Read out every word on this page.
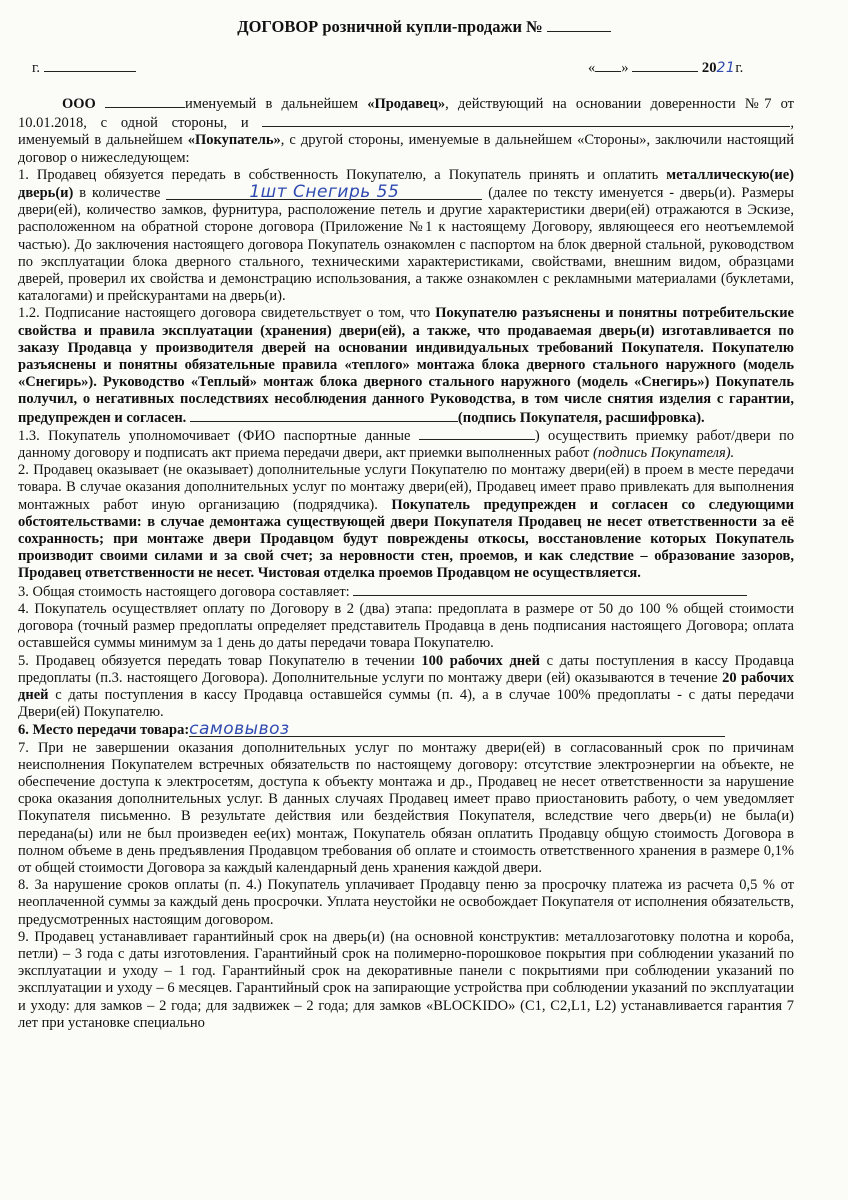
ДОГОВОР розничной купли-продажи №
г.	« »	2021г.

ООО	именуемый в дальнейшем «Продавец», действующий на основании доверенности №7 от 10.01.2018, с одной стороны, и	, именуемый в дальнейшем «Покупатель», с другой стороны, именуемые в дальнейшем «Стороны», заключили настоящий договор о нижеследующем:

1. Продавец обязуется передать в собственность Покупателю, а Покупатель принять и оплатить металлическую(ие) дверь(и) в количестве	1шт Снегирь 55	(далее по тексту именуется - дверь(и). Размеры двери(ей), количество замков, фурнитура, расположение петель и другие характеристики двери(ей) отражаются в Эскизе, расположенном на обратной стороне договора (Приложение №1 к настоящему Договору, являющееся его неотъемлемой частью). До заключения настоящего договора Покупатель ознакомлен с паспортом на блок дверной стальной, руководством по эксплуатации блока дверного стального, техническими характеристиками, свойствами, внешним видом, образцами дверей, проверил их свойства и демонстрацию использования, а также ознакомлен с рекламными материалами (буклетами, каталогами) и прейскурантами на дверь(и).

1.2. Подписание настоящего договора свидетельствует о том, что Покупателю разъяснены и понятны потребительские свойства и правила эксплуатации (хранения) двери(ей), а также, что продаваемая дверь(и) изготавливается по заказу Продавца у производителя дверей на основании индивидуальных требований Покупателя. Покупателю разъяснены и понятны обязательные правила «теплого» монтажа блока дверного стального наружного (модель «Снегирь»). Руководство «Теплый» монтаж блока дверного стального наружного (модель «Снегирь») Покупатель получил, о негативных последствиях несоблюдения данного Руководства, в том числе снятия изделия с гарантии, предупрежден и согласен.	(подпись Покупателя, расшифровка).

1.3. Покупатель уполномочивает (ФИО паспортные данные	) осуществить приемку работ/двери по данному договору и подписать акт приема передачи двери, акт приемки выполненных работ (подпись Покупателя).

2. Продавец оказывает (не оказывает) дополнительные услуги Покупателю по монтажу двери(ей) в проем в месте передачи товара. В случае оказания дополнительных услуг по монтажу двери(ей), Продавец имеет право привлекать для выполнения монтажных работ иную организацию (подрядчика). Покупатель предупрежден и согласен со следующими обстоятельствами: в случае демонтажа существующей двери Покупателя Продавец не несет ответственности за её сохранность; при монтаже двери Продавцом будут повреждены откосы, восстановление которых Покупатель производит своими силами и за свой счет; за неровности стен, проемов, и как следствие – образование зазоров, Продавец ответственности не несет. Чистовая отделка проемов Продавцом не осуществляется.

3. Общая стоимость настоящего договора составляет:

4. Покупатель осуществляет оплату по Договору в 2 (два) этапа: предоплата в размере от 50 до 100 % общей стоимости договора (точный размер предоплаты определяет представитель Продавца в день подписания настоящего Договора; оплата оставшейся суммы минимум за 1 день до даты передачи товара Покупателю.

5. Продавец обязуется передать товар Покупателю в течении 100 рабочих дней с даты поступления в кассу Продавца предоплаты (п.3. настоящего Договора). Дополнительные услуги по монтажу двери (ей) оказываются в течение 20 рабочих дней с даты поступления в кассу Продавца оставшейся суммы (п. 4), а в случае 100% предоплаты - с даты передачи Двери(ей) Покупателю.

6. Место передачи товара:самовывоз

7. При не завершении оказания дополнительных услуг по монтажу двери(ей) в согласованный срок по причинам неисполнения Покупателем встречных обязательств по настоящему договору: отсутствие электроэнергии на объекте, не обеспечение доступа к электросетям, доступа к объекту монтажа и др., Продавец не несет ответственности за нарушение срока оказания дополнительных услуг. В данных случаях Продавец имеет право приостановить работу, о чем уведомляет Покупателя письменно. В результате действия или бездействия Покупателя, вследствие чего дверь(и) не была(и) передана(ы) или не был произведен ее(их) монтаж, Покупатель обязан оплатить Продавцу общую стоимость Договора в полном объеме в день предъявления Продавцом требования об оплате и стоимость ответственного хранения в размере 0,1% от общей стоимости Договора за каждый календарный день хранения каждой двери.

8. За нарушение сроков оплаты (п. 4.) Покупатель уплачивает Продавцу пеню за просрочку платежа из расчета 0,5 % от неоплаченной суммы за каждый день просрочки. Уплата неустойки не освобождает Покупателя от исполнения обязательств, предусмотренных настоящим договором.

9. Продавец устанавливает гарантийный срок на дверь(и) (на основной конструктив: металлозаготовку полотна и короба, петли) – 3 года с даты изготовления. Гарантийный срок на полимерно-порошковое покрытия при соблюдении указаний по эксплуатации и уходу – 1 год. Гарантийный срок на декоративные панели с покрытиями при соблюдении указаний по эксплуатации и уходу – 6 месяцев. Гарантийный срок на запирающие устройства при соблюдении указаний по эксплуатации и уходу: для замков – 2 года; для задвижек – 2 года; для замков «BLOCKIDO» (С1, С2,L1, L2) устанавливается гарантия 7 лет при установке специально
